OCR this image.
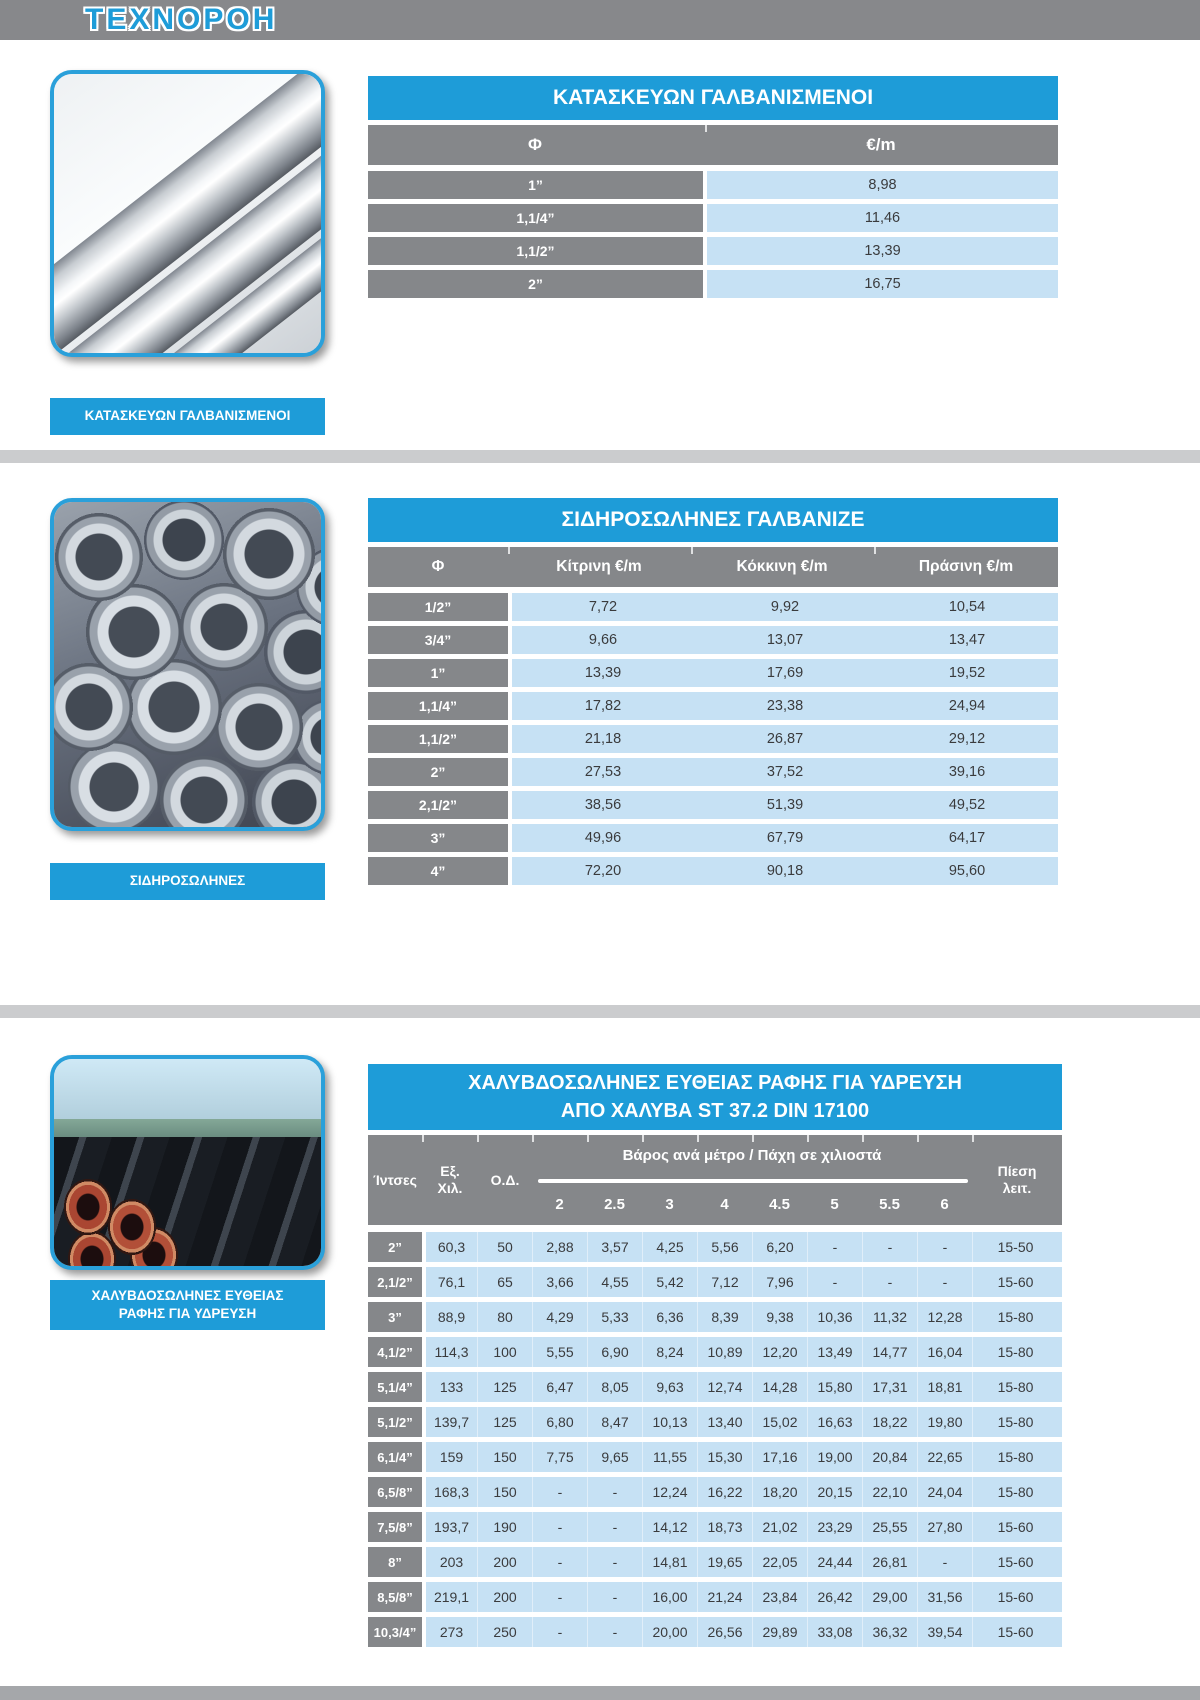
ΤΕΧΝΟΡΟΗ
ΚΑΤΑΣΚΕΥΩΝ ΓΑΛΒΑΝΙΣΜΕΝΟΙ
ΚΑΤΑΣΚΕΥΩΝ ΓΑΛΒΑΝΙΣΜΕΝΟΙ
Φ	€/m
1”	8,98
1,1/4”	11,46
1,1/2”	13,39
2”	16,75
ΣΙΔΗΡΟΣΩΛΗΝΕΣ
ΣΙΔΗΡΟΣΩΛΗΝΕΣ ΓΑΛΒΑΝΙΖΕ
Φ	Κίτρινη €/m	Κόκκινη €/m	Πράσινη €/m
1/2”	7,72	9,92	10,54
3/4”	9,66	13,07	13,47
1”	13,39	17,69	19,52
1,1/4”	17,82	23,38	24,94
1,1/2”	21,18	26,87	29,12
2”	27,53	37,52	39,16
2,1/2”	38,56	51,39	49,52
3”	49,96	67,79	64,17
4”	72,20	90,18	95,60
ΧΑΛΥΒΔΟΣΩΛΗΝΕΣ ΕΥΘΕΙΑΣ
ΡΑΦΗΣ ΓΙΑ ΥΔΡΕΥΣΗ
ΧΑΛΥΒΔΟΣΩΛΗΝΕΣ ΕΥΘΕΙΑΣ ΡΑΦΗΣ ΓΙΑ ΥΔΡΕΥΣΗ
ΑΠΟ ΧΑΛΥΒΑ ST 37.2 DIN 17100
Ίντσες
Εξ.
Χιλ.
Ο.Δ.
Βάρος ανά μέτρο / Πάχη σε χιλιοστά
2	2.5	3	4	4.5	5	5.5	6
Πίεση
λειτ.
2”	60,3	50	2,88	3,57	4,25	5,56	6,20	-	-	-	15-50
2,1/2”	76,1	65	3,66	4,55	5,42	7,12	7,96	-	-	-	15-60
3”	88,9	80	4,29	5,33	6,36	8,39	9,38	10,36	11,32	12,28	15-80
4,1/2”	114,3	100	5,55	6,90	8,24	10,89	12,20	13,49	14,77	16,04	15-80
5,1/4”	133	125	6,47	8,05	9,63	12,74	14,28	15,80	17,31	18,81	15-80
5,1/2”	139,7	125	6,80	8,47	10,13	13,40	15,02	16,63	18,22	19,80	15-80
6,1/4”	159	150	7,75	9,65	11,55	15,30	17,16	19,00	20,84	22,65	15-80
6,5/8”	168,3	150	-	-	12,24	16,22	18,20	20,15	22,10	24,04	15-80
7,5/8”	193,7	190	-	-	14,12	18,73	21,02	23,29	25,55	27,80	15-60
8”	203	200	-	-	14,81	19,65	22,05	24,44	26,81	-	15-60
8,5/8”	219,1	200	-	-	16,00	21,24	23,84	26,42	29,00	31,56	15-60
10,3/4”	273	250	-	-	20,00	26,56	29,89	33,08	36,32	39,54	15-60
